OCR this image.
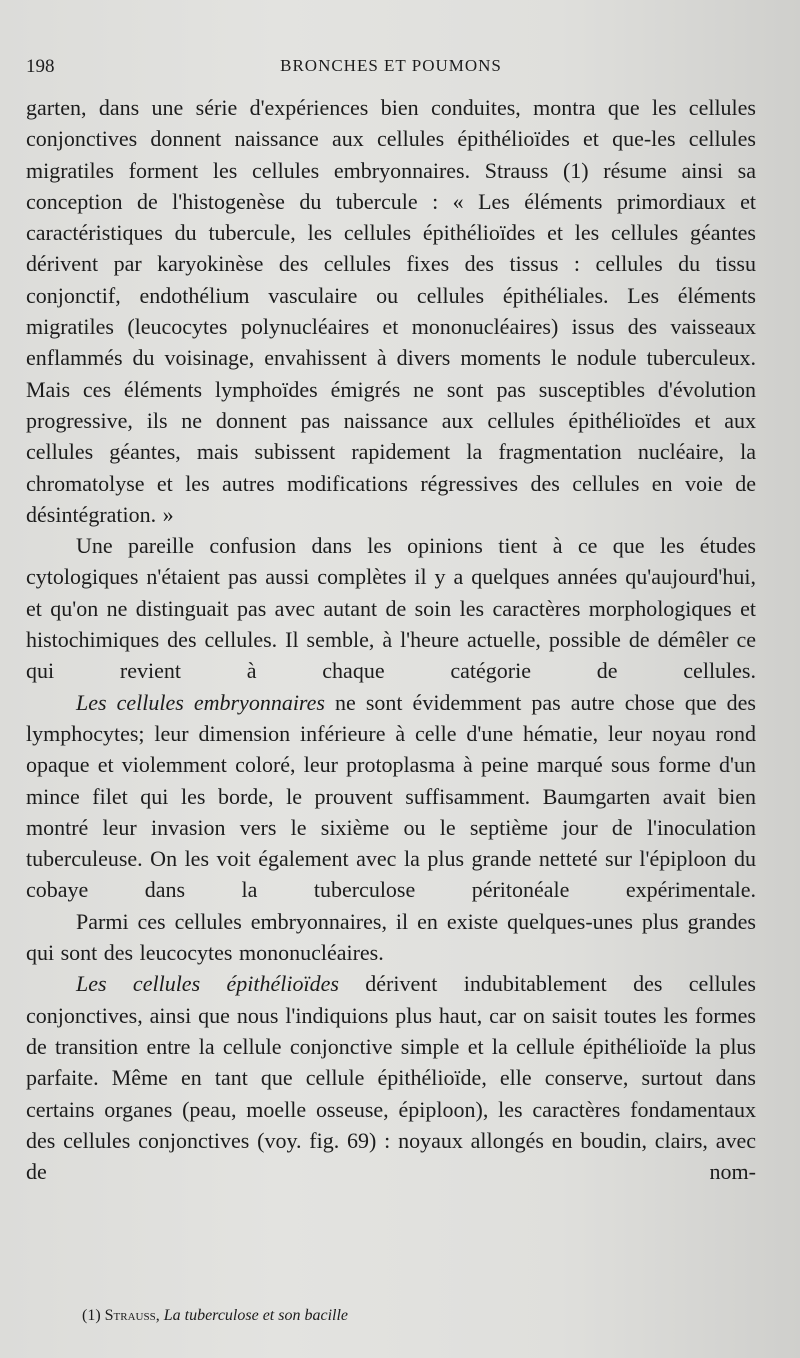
198	BRONCHES ET POUMONS

garten, dans une série d'expériences bien conduites, montra que les cellules conjonctives donnent naissance aux cellules épithélioïdes et que-les cellules migratiles forment les cellules embryonnaires. Strauss (1) résume ainsi sa conception de l'histogenèse du tubercule : « Les éléments primordiaux et caractéristiques du tubercule, les cellules épithélioïdes et les cellules géantes dérivent par karyokinèse des cellules fixes des tissus : cellules du tissu conjonctif, endothélium vasculaire ou cellules épithéliales. Les éléments migratiles (leucocytes polynucléaires et mononucléaires) issus des vaisseaux enflammés du voisinage, envahissent à divers moments le nodule tuberculeux. Mais ces éléments lymphoïdes émigrés ne sont pas susceptibles d'évolution progressive, ils ne donnent pas naissance aux cellules épithélioïdes et aux cellules géantes, mais subissent rapidement la fragmentation nucléaire, la chromatolyse et les autres modifications régressives des cellules en voie de désintégration. »

Une pareille confusion dans les opinions tient à ce que les études cytologiques n'étaient pas aussi complètes il y a quelques années qu'aujourd'hui, et qu'on ne distinguait pas avec autant de soin les caractères morphologiques et histochimiques des cellules. Il semble, à l'heure actuelle, possible de démêler ce qui revient à chaque catégorie de cellules.

Les cellules embryonnaires ne sont évidemment pas autre chose que des lymphocytes; leur dimension inférieure à celle d'une hématie, leur noyau rond opaque et violemment coloré, leur protoplasma à peine marqué sous forme d'un mince filet qui les borde, le prouvent suffisamment. Baumgarten avait bien montré leur invasion vers le sixième ou le septième jour de l'inoculation tuberculeuse. On les voit également avec la plus grande netteté sur l'épiploon du cobaye dans la tuberculose péritonéale expérimentale.

Parmi ces cellules embryonnaires, il en existe quelques-unes plus grandes qui sont des leucocytes mononucléaires.

Les cellules épithélioïdes dérivent indubitablement des cellules conjonctives, ainsi que nous l'indiquions plus haut, car on saisit toutes les formes de transition entre la cellule conjonctive simple et la cellule épithélioïde la plus parfaite. Même en tant que cellule épithélioïde, elle conserve, surtout dans certains organes (peau, moelle osseuse, épiploon), les caractères fondamentaux des cellules conjonctives (voy. fig. 69) : noyaux allongés en boudin, clairs, avec de nom-

(1) Strauss, La tuberculose et son bacille
